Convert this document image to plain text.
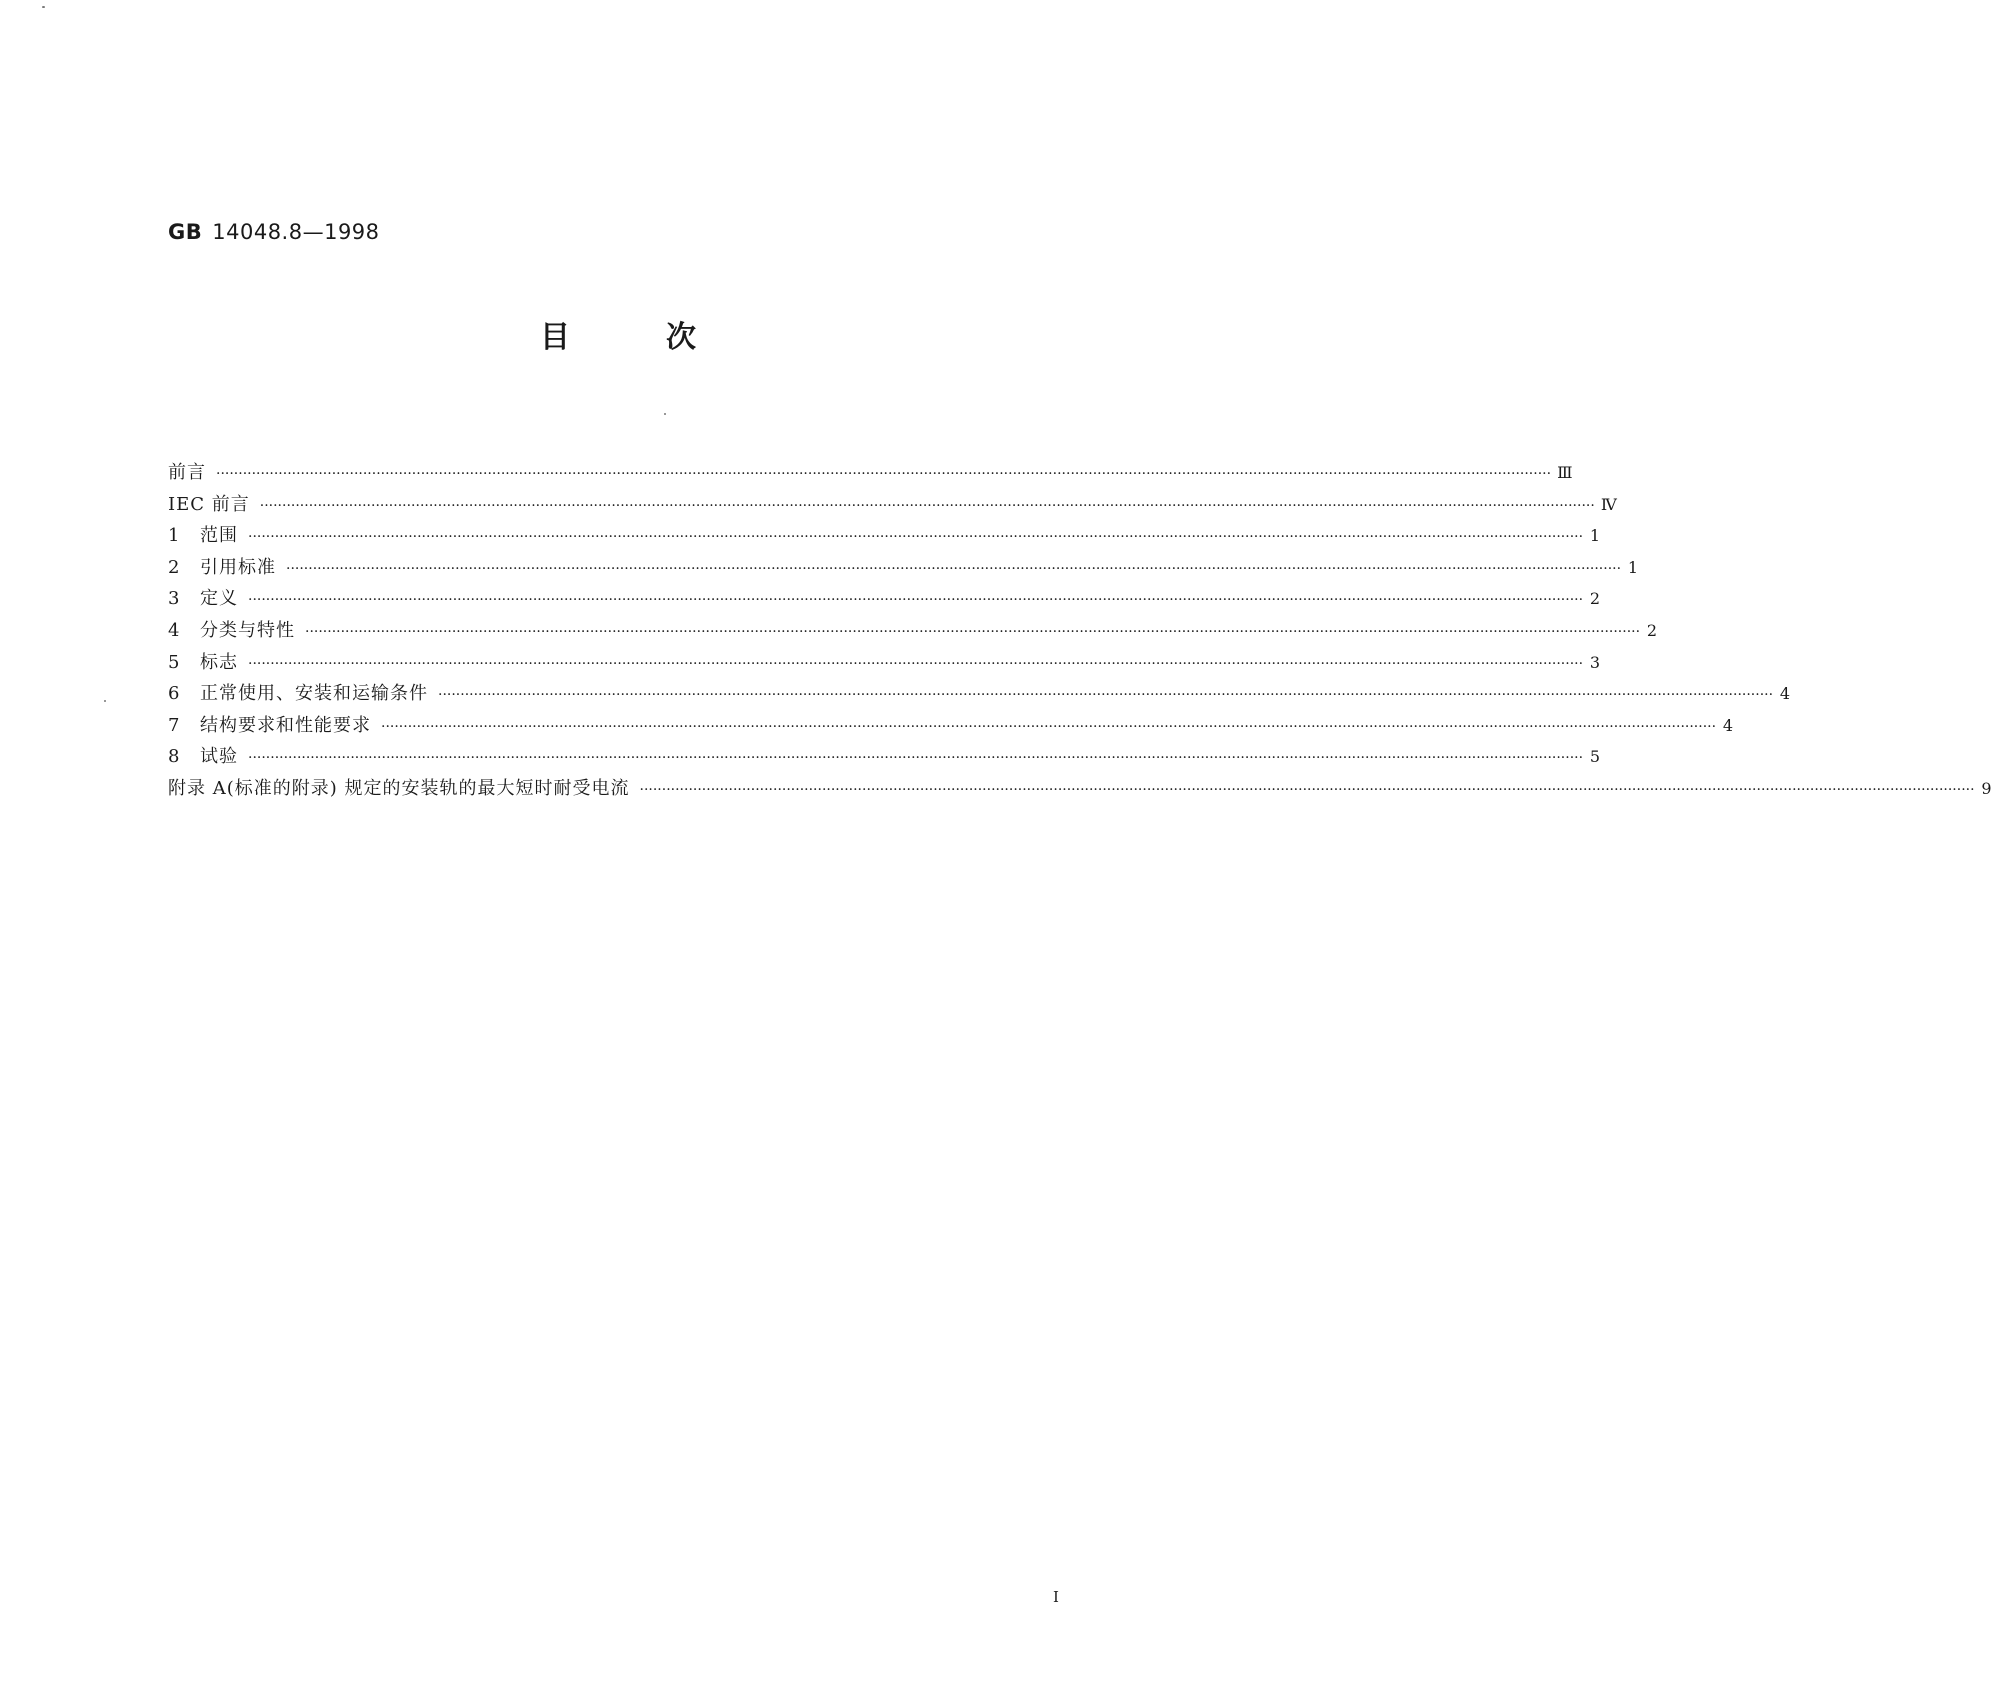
GB 14048.8—1998
目次
前言 ············································································································································································································································································································ Ⅲ
IEC 前言 ············································································································································································································································································································ Ⅳ
1	范围 ············································································································································································································································································································ 1
2	引用标准 ············································································································································································································································································································ 1
3	定义 ············································································································································································································································································································ 2
4	分类与特性 ············································································································································································································································································································ 2
5	标志 ············································································································································································································································································································ 3
6	正常使用、安装和运输条件 ············································································································································································································································································································ 4
7	结构要求和性能要求 ············································································································································································································································································································ 4
8	试验 ············································································································································································································································································································ 5
附录 A(标准的附录) 规定的安装轨的最大短时耐受电流 ············································································································································································································································································································ 9
I
